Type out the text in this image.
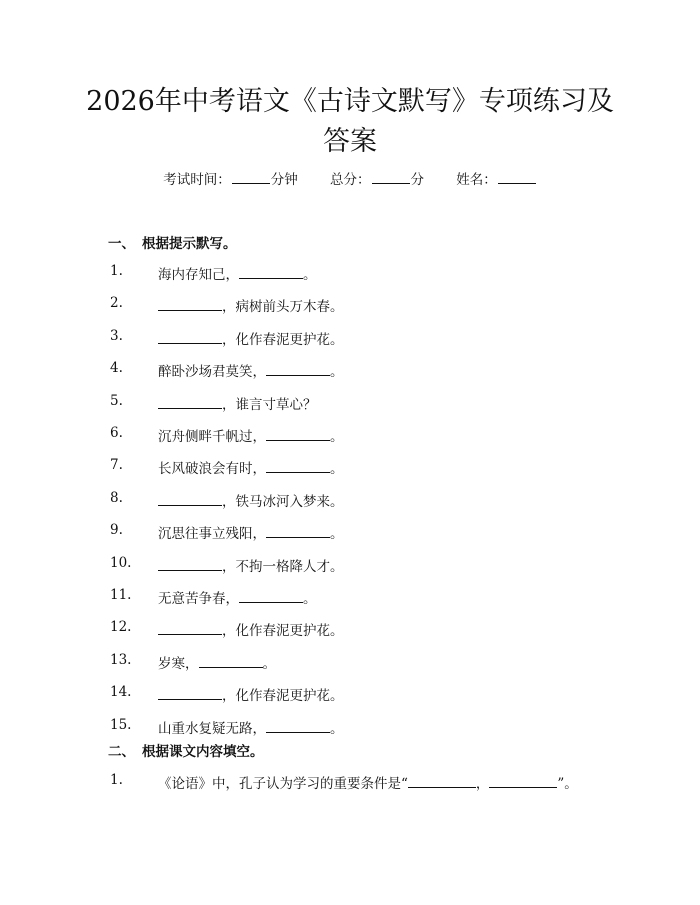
2026年中考语文《古诗文默写》专项练习及答案
考试时间：	分钟 总分：	分 姓名：
一、 根据提示默写。
1.	海内存知己，	。
2.	，病树前头万木春。
3.	，化作春泥更护花。
4.	醉卧沙场君莫笑，	。
5.	，谁言寸草心？
6.	沉舟侧畔千帆过，	。
7.	长风破浪会有时，	。
8.	，铁马冰河入梦来。
9.	沉思往事立残阳，	。
10.	，不拘一格降人才。
11.	无意苦争春，	。
12.	，化作春泥更护花。
13.	岁寒，	。
14.	，化作春泥更护花。
15.	山重水复疑无路，	。
二、 根据课文内容填空。
1.	《论语》中，孔子认为学习的重要条件是“	，	”。
